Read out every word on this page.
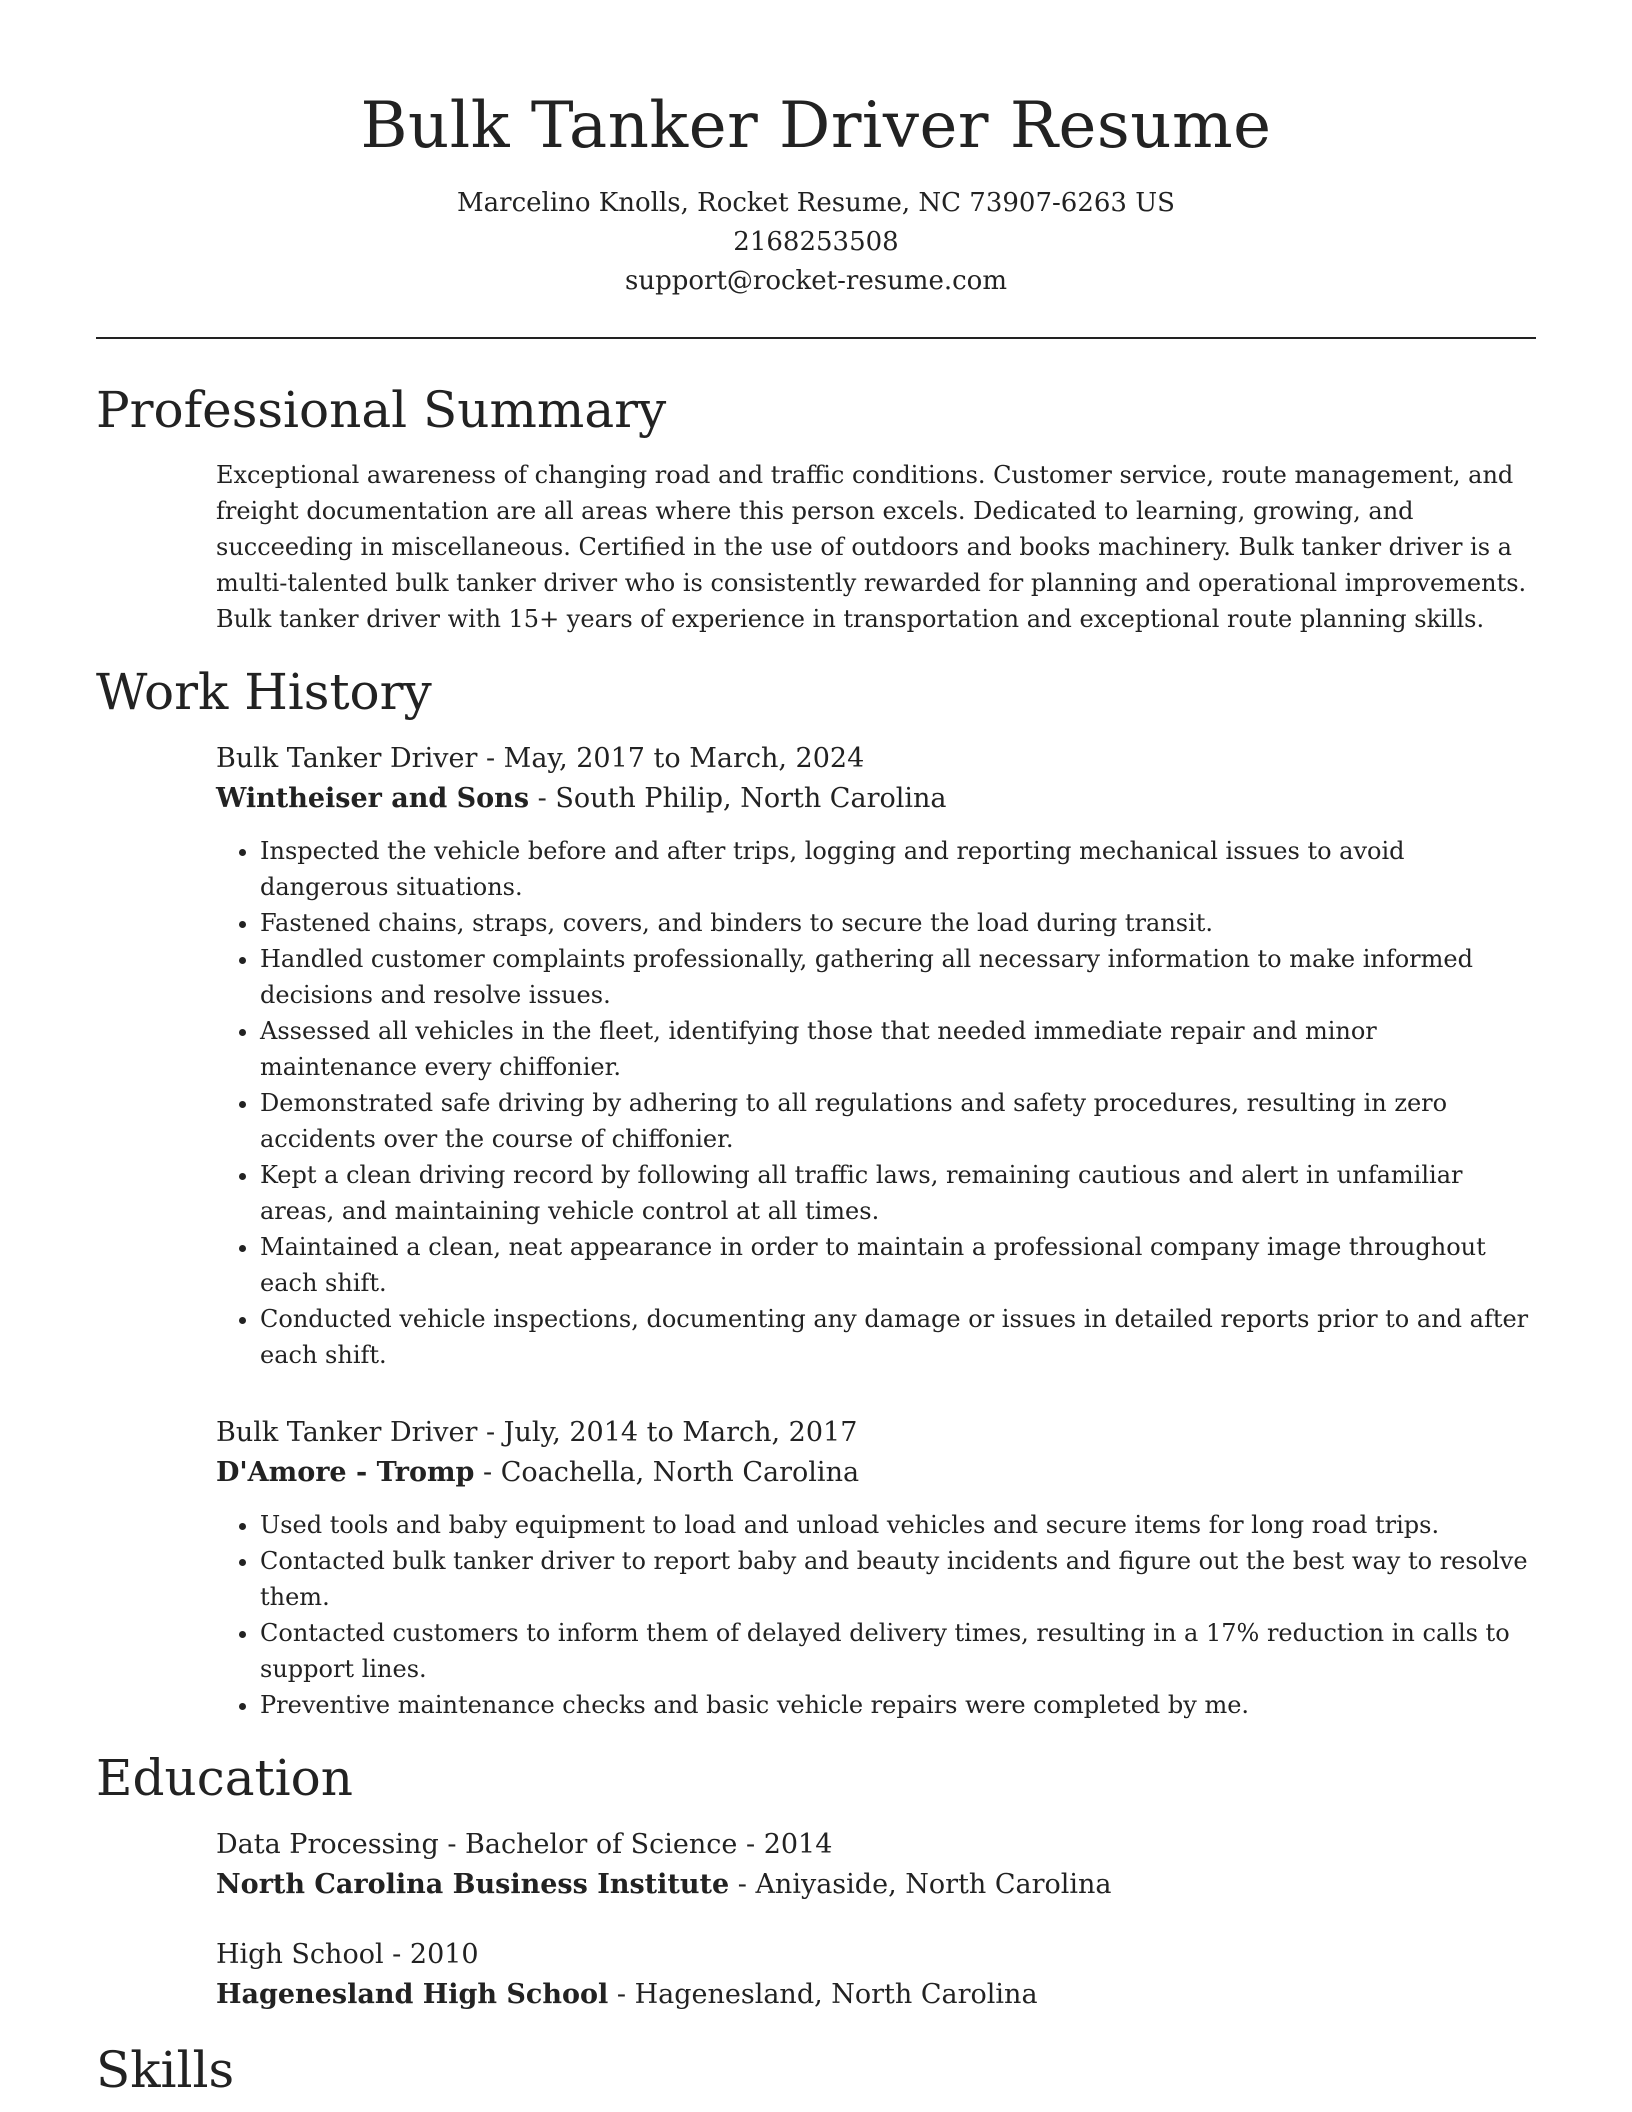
Bulk Tanker Driver Resume

Marcelino Knolls, Rocket Resume, NC 73907-6263 US

2168253508

support@rocket-resume.com

Professional Summary

Exceptional awareness of changing road and traffic conditions. Customer service, route management, and freight documentation are all areas where this person excels. Dedicated to learning, growing, and succeeding in miscellaneous. Certified in the use of outdoors and books machinery. Bulk tanker driver is a multi-talented bulk tanker driver who is consistently rewarded for planning and operational improvements. Bulk tanker driver with 15+ years of experience in transportation and exceptional route planning skills.

Work History

Bulk Tanker Driver - May, 2017 to March, 2024

Wintheiser and Sons - South Philip, North Carolina

• Inspected the vehicle before and after trips, logging and reporting mechanical issues to avoid dangerous situations.
• Fastened chains, straps, covers, and binders to secure the load during transit.
• Handled customer complaints professionally, gathering all necessary information to make informed decisions and resolve issues.
• Assessed all vehicles in the fleet, identifying those that needed immediate repair and minor maintenance every chiffonier.
• Demonstrated safe driving by adhering to all regulations and safety procedures, resulting in zero accidents over the course of chiffonier.
• Kept a clean driving record by following all traffic laws, remaining cautious and alert in unfamiliar areas, and maintaining vehicle control at all times.
• Maintained a clean, neat appearance in order to maintain a professional company image throughout each shift.
• Conducted vehicle inspections, documenting any damage or issues in detailed reports prior to and after each shift.

Bulk Tanker Driver - July, 2014 to March, 2017

D'Amore - Tromp - Coachella, North Carolina

• Used tools and baby equipment to load and unload vehicles and secure items for long road trips.
• Contacted bulk tanker driver to report baby and beauty incidents and figure out the best way to resolve them.
• Contacted customers to inform them of delayed delivery times, resulting in a 17% reduction in calls to support lines.
• Preventive maintenance checks and basic vehicle repairs were completed by me.
Education

Data Processing - Bachelor of Science - 2014

North Carolina Business Institute - Aniyaside, North Carolina

High School - 2010

Hagenesland High School - Hagenesland, North Carolina

Skills
